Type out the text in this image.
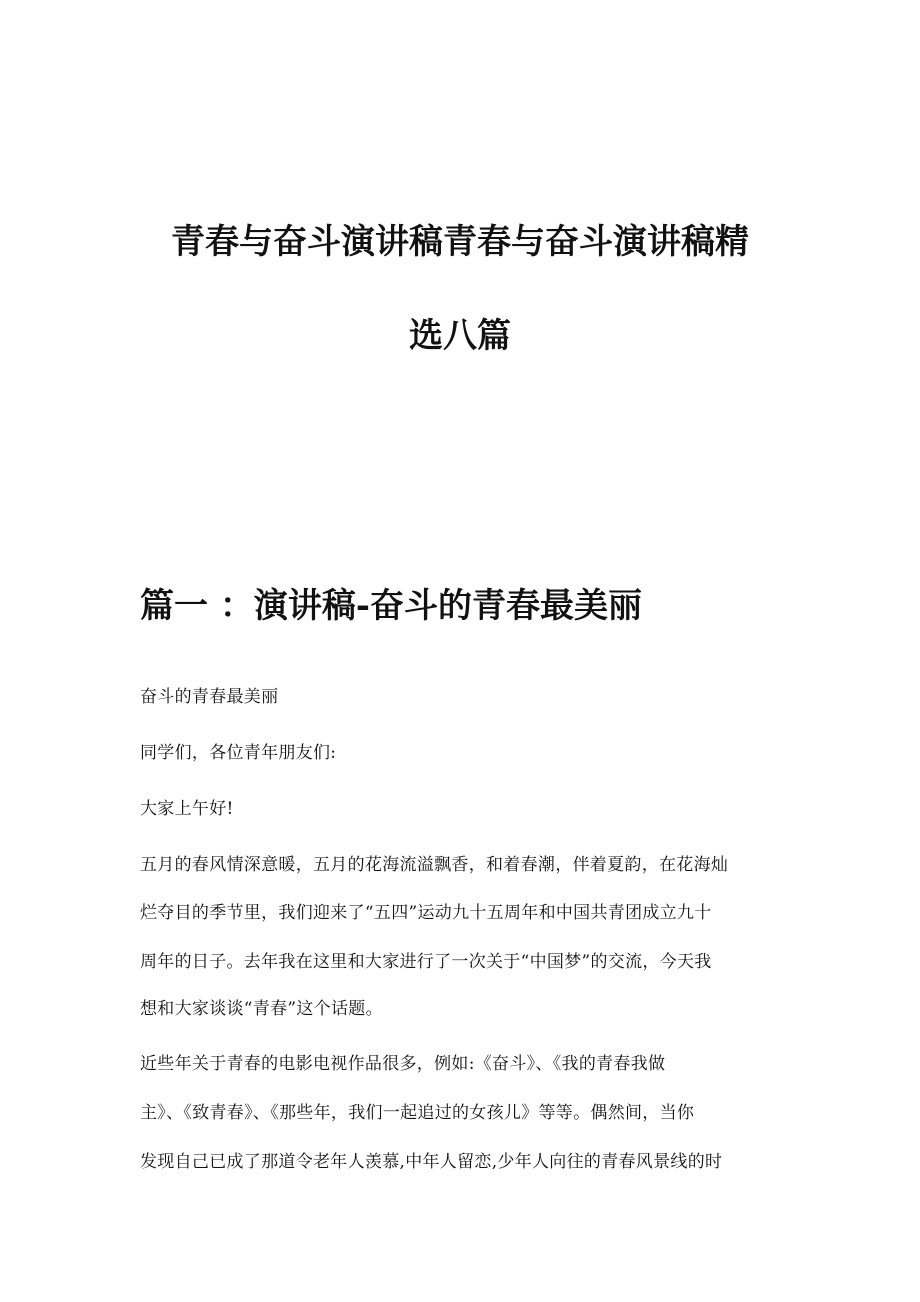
青春与奋斗演讲稿青春与奋斗演讲稿精
选八篇
篇一 ：演讲稿-奋斗的青春最美丽

奋斗的青春最美丽

同学们，各位青年朋友们:

大家上午好!

五月的春风情深意暖，五月的花海流溢飘香，和着春潮，伴着夏韵，在花海灿

烂夺目的季节里，我们迎来了“五四”运动九十五周年和中国共青团成立九十

周年的日子。去年我在这里和大家进行了一次关于“中国梦”的交流，今天我

想和大家谈谈“青春”这个话题。

近些年关于青春的电影电视作品很多，例如:《奋斗》、《我的青春我做

主》、《致青春》、《那些年，我们一起追过的女孩儿》等等。偶然间，当你

发现自己已成了那道令老年人羡慕,中年人留恋,少年人向往的青春风景线的时
